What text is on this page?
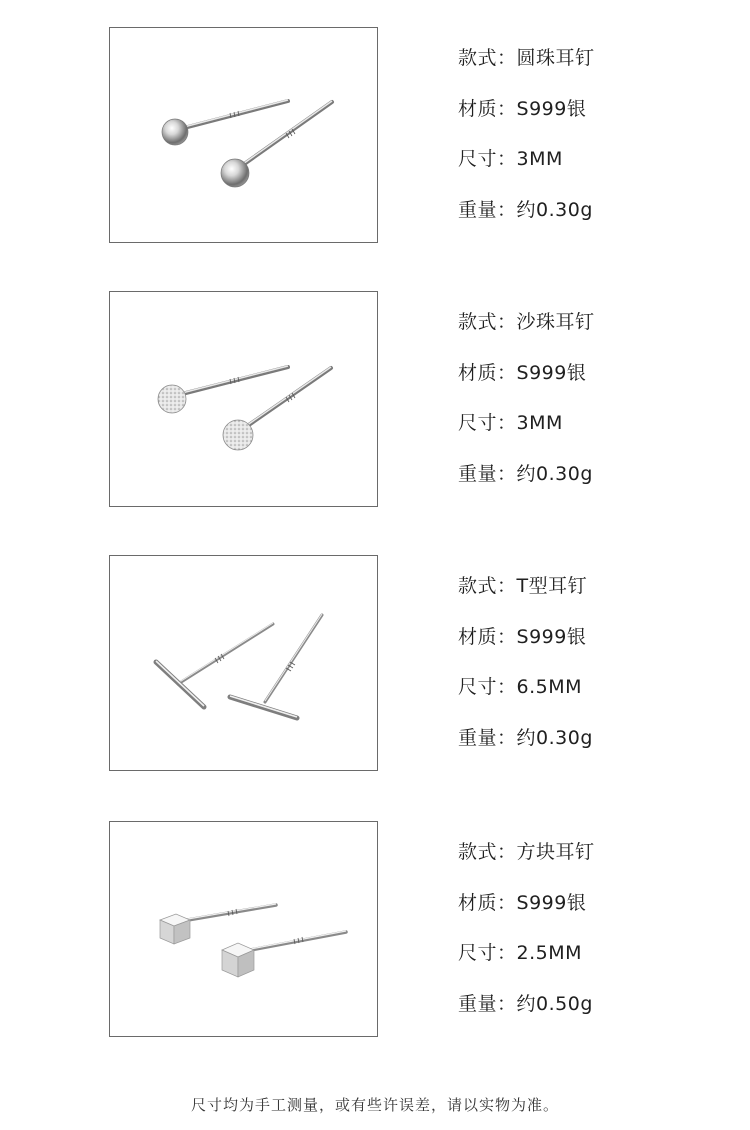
款式：圆珠耳钉
材质：S999银
尺寸：3MM
重量：约0.30g
款式：沙珠耳钉
材质：S999银
尺寸：3MM
重量：约0.30g
款式：T型耳钉
材质：S999银
尺寸：6.5MM
重量：约0.30g
款式：方块耳钉
材质：S999银
尺寸：2.5MM
重量：约0.50g

尺寸均为手工测量，或有些许误差，请以实物为准。
